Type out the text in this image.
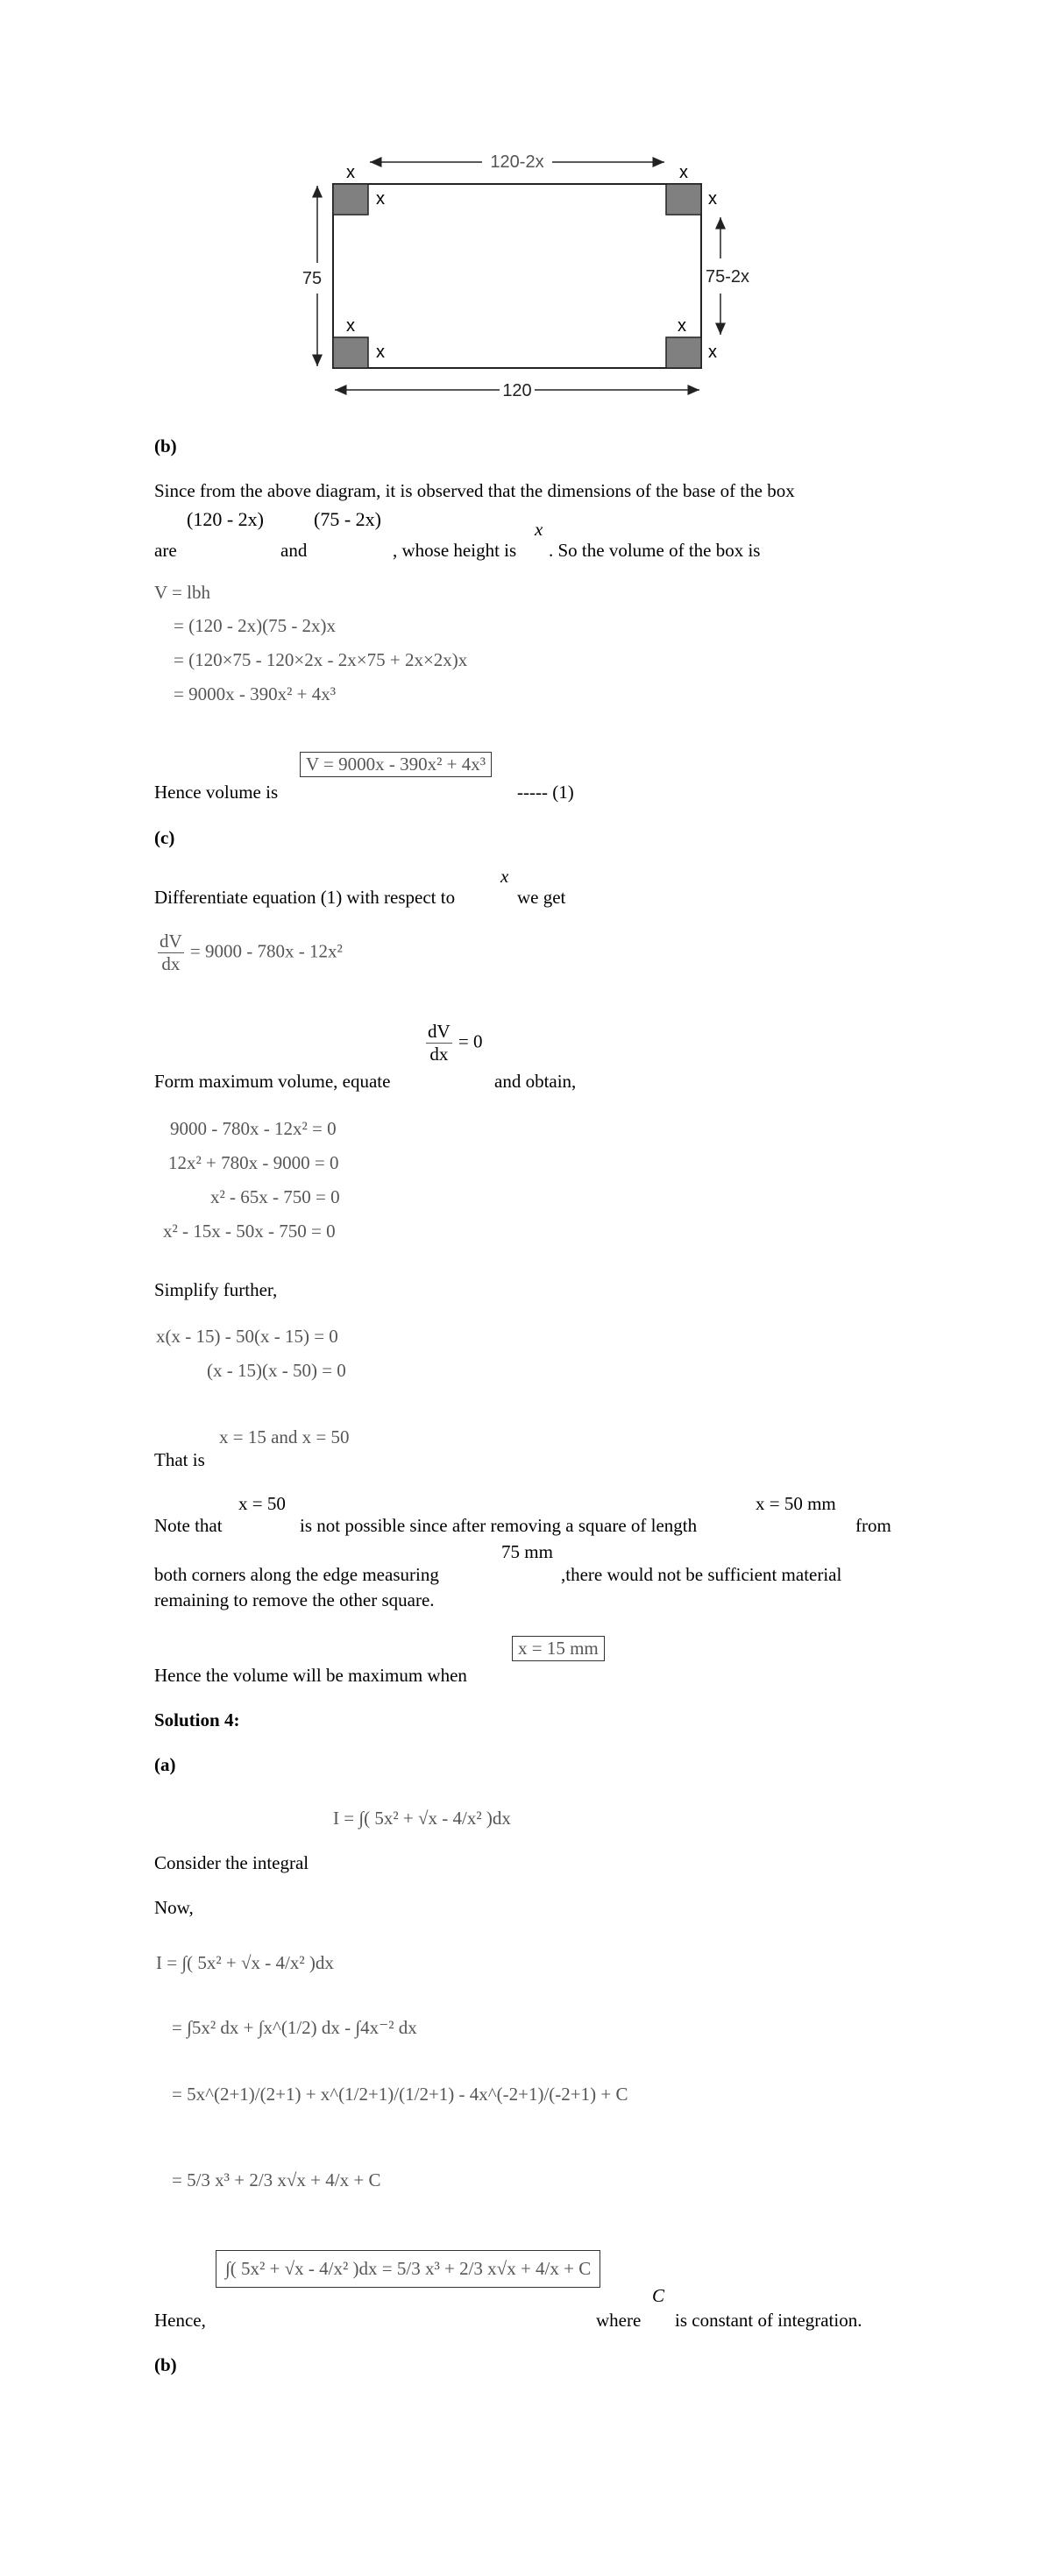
120-2x
120
75	75-2x
x
x
x
x
x
x
x
x
(b)
Since from the above diagram, it is observed that the dimensions of the base of the box
(120 - 2x)	(75 - 2x)
are	and	, whose height is
x
. So the volume of the box is
V = lbh
= (120 - 2x)(75 - 2x)x
= (120×75 - 120×2x - 2x×75 + 2x×2x)x
= 9000x - 390x² + 4x³
V = 9000x - 390x² + 4x³
Hence volume is	----- (1)
(c)
Differentiate equation (1) with respect to
x
we get
$\frac{dV}{dx} = 9000 - 780x - 12x^2$
$\frac{dV}{dx} = 0$
Form maximum volume, equate	and obtain,
9000 - 780x - 12x² = 0
12x² + 780x - 9000 = 0
x² - 65x - 750 = 0
x² - 15x - 50x - 750 = 0
Simplify further,
x(x - 15) - 50(x - 15) = 0
(x - 15)(x - 50) = 0
x = 15 and x = 50
That is
x = 50	x = 50 mm
Note that	is not possible since after removing a square of length	from
75 mm
both corners along the edge measuring	,there would not be sufficient material
remaining to remove the other square.
x = 15 mm
Hence the volume will be maximum when
Solution 4:
(a)
I = ∫( 5x² + √x - 4/x² )dx
Consider the integral
Now,
I = ∫( 5x² + √x - 4/x² )dx
= ∫5x² dx + ∫x^(1/2) dx - ∫4x⁻² dx
= 5x^(2+1)/(2+1) + x^(1/2+1)/(1/2+1) - 4x^(-2+1)/(-2+1) + C
= 5/3 x³ + 2/3 x√x + 4/x + C
∫( 5x² + √x - 4/x² )dx = 5/3 x³ + 2/3 x√x + 4/x + C
C
Hence,	where is constant of integration.
(b)
